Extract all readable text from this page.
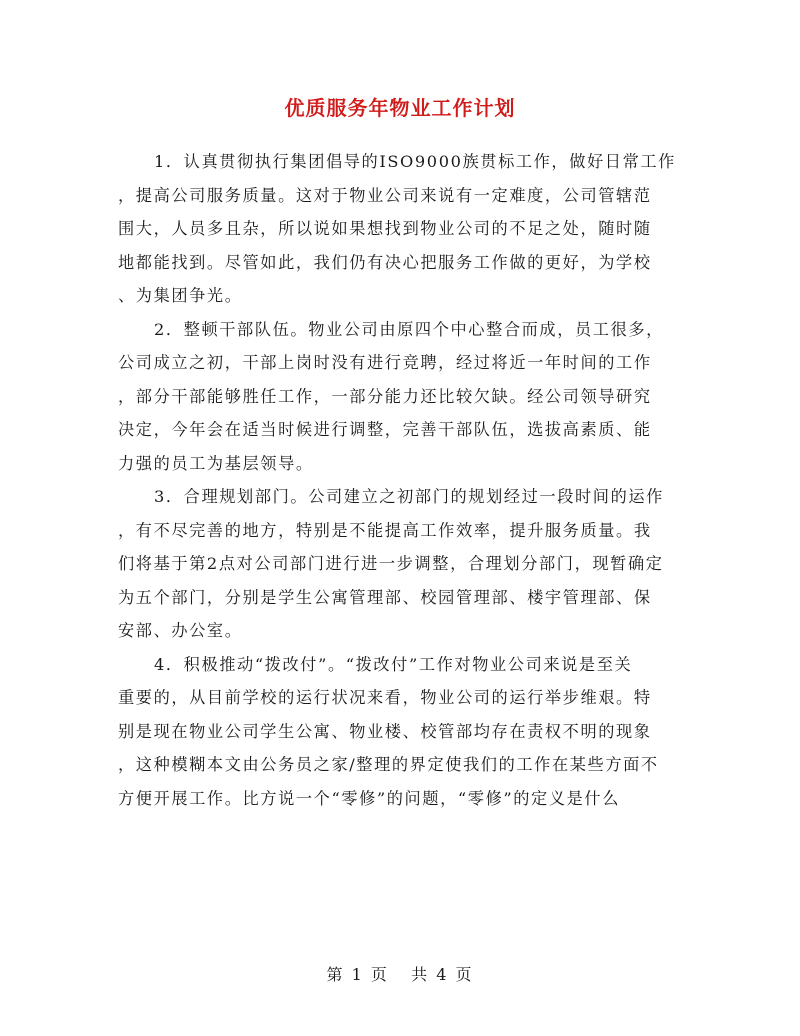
优质服务年物业工作计划
1．认真贯彻执行集团倡导的ISO9000族贯标工作，做好日常工作
，提高公司服务质量。这对于物业公司来说有一定难度，公司管辖范
围大，人员多且杂，所以说如果想找到物业公司的不足之处，随时随
地都能找到。尽管如此，我们仍有决心把服务工作做的更好，为学校
、为集团争光。
2．整顿干部队伍。物业公司由原四个中心整合而成，员工很多，
公司成立之初，干部上岗时没有进行竞聘，经过将近一年时间的工作
，部分干部能够胜任工作，一部分能力还比较欠缺。经公司领导研究
决定，今年会在适当时候进行调整，完善干部队伍，选拔高素质、能
力强的员工为基层领导。
3．合理规划部门。公司建立之初部门的规划经过一段时间的运作
，有不尽完善的地方，特别是不能提高工作效率，提升服务质量。我
们将基于第2点对公司部门进行进一步调整，合理划分部门，现暂确定
为五个部门，分别是学生公寓管理部、校园管理部、楼宇管理部、保
安部、办公室。
4．积极推动“拨改付”。“拨改付”工作对物业公司来说是至关
重要的，从目前学校的运行状况来看，物业公司的运行举步维艰。特
别是现在物业公司学生公寓、物业楼、校管部均存在责权不明的现象
，这种模糊本文由公务员之家/整理的界定使我们的工作在某些方面不
方便开展工作。比方说一个“零修”的问题，“零修”的定义是什么
第 1 页 共 4 页
